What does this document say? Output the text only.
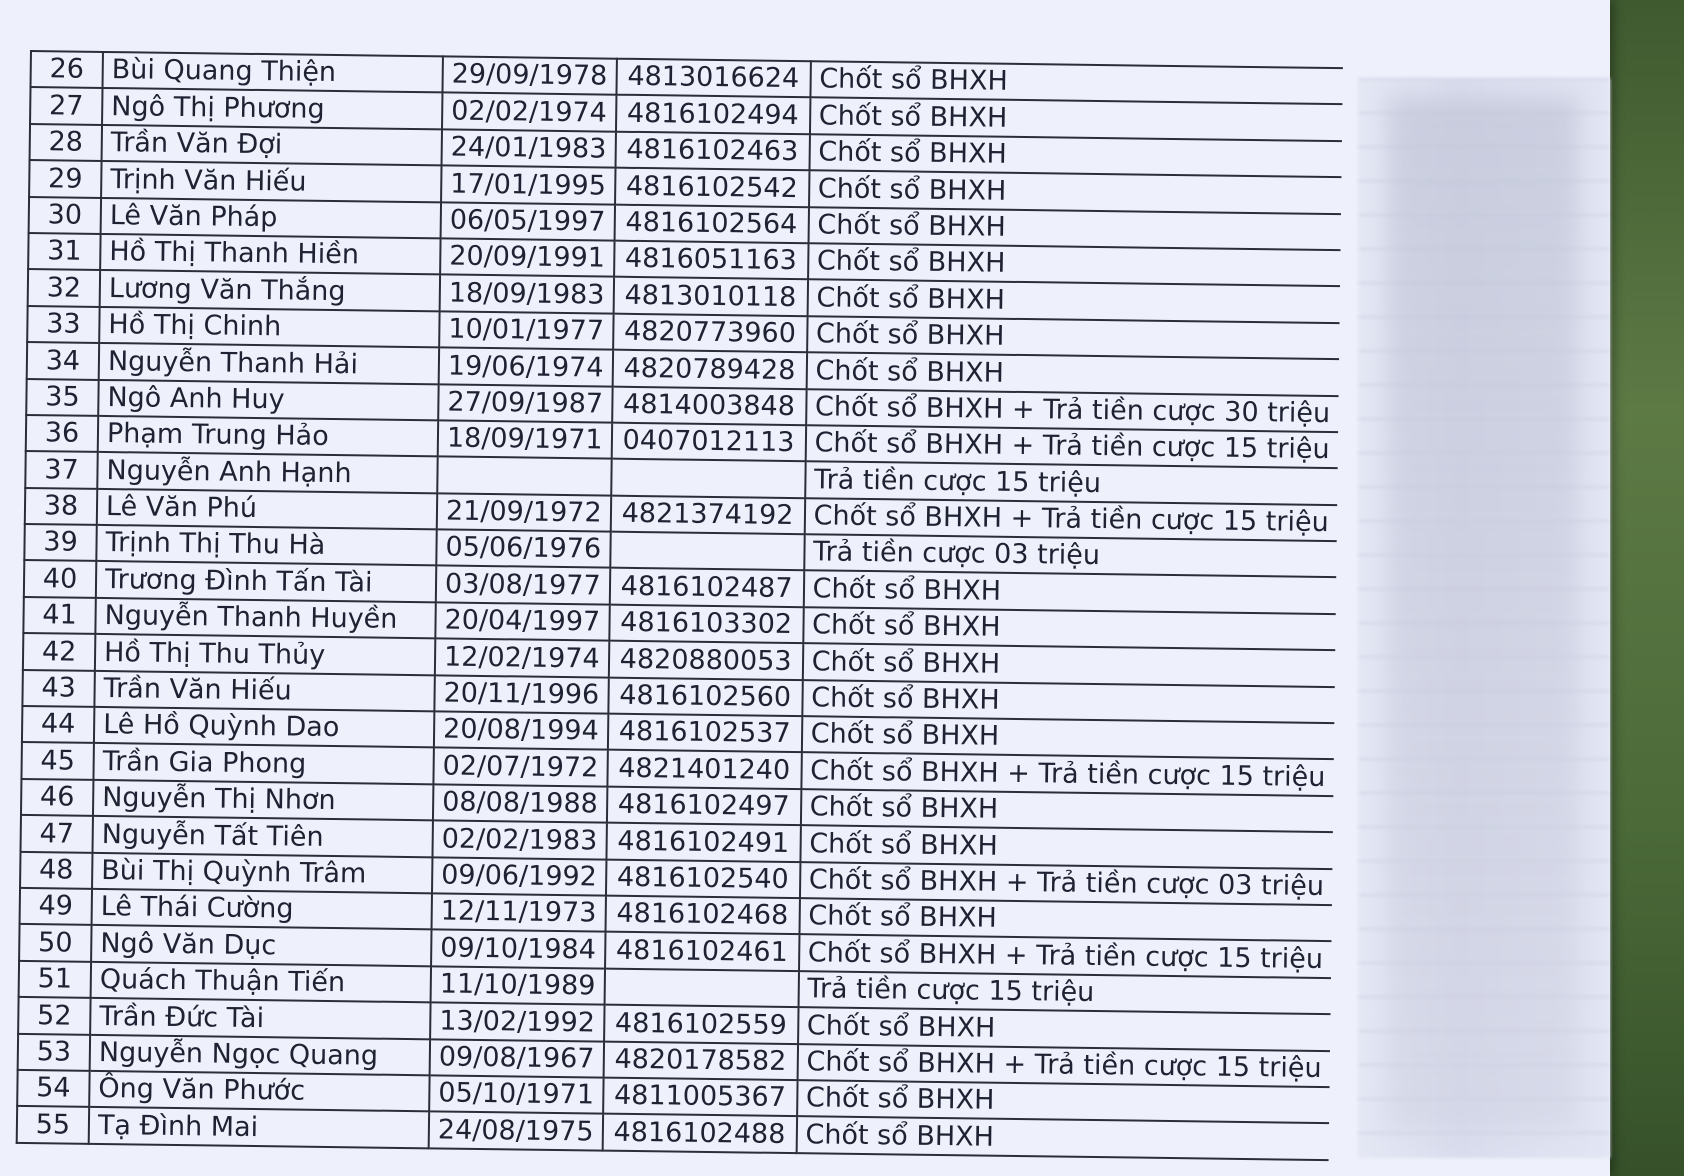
26	Bùi Quang Thiện	29/09/1978	4813016624	Chốt sổ BHXH
27	Ngô Thị Phương	02/02/1974	4816102494	Chốt sổ BHXH
28	Trần Văn Đợi	24/01/1983	4816102463	Chốt sổ BHXH
29	Trịnh Văn Hiếu	17/01/1995	4816102542	Chốt sổ BHXH
30	Lê Văn Pháp	06/05/1997	4816102564	Chốt sổ BHXH
31	Hồ Thị Thanh Hiền	20/09/1991	4816051163	Chốt sổ BHXH
32	Lương Văn Thắng	18/09/1983	4813010118	Chốt sổ BHXH
33	Hồ Thị Chinh	10/01/1977	4820773960	Chốt sổ BHXH
34	Nguyễn Thanh Hải	19/06/1974	4820789428	Chốt sổ BHXH
35	Ngô Anh Huy	27/09/1987	4814003848	Chốt sổ BHXH + Trả tiền cược 30 triệu
36	Phạm Trung Hảo	18/09/1971	0407012113	Chốt sổ BHXH + Trả tiền cược 15 triệu
37	Nguyễn Anh Hạnh			Trả tiền cược 15 triệu
38	Lê Văn Phú	21/09/1972	4821374192	Chốt sổ BHXH + Trả tiền cược 15 triệu
39	Trịnh Thị Thu Hà	05/06/1976		Trả tiền cược 03 triệu
40	Trương Đình Tấn Tài	03/08/1977	4816102487	Chốt sổ BHXH
41	Nguyễn Thanh Huyền	20/04/1997	4816103302	Chốt sổ BHXH
42	Hồ Thị Thu Thủy	12/02/1974	4820880053	Chốt sổ BHXH
43	Trần Văn Hiếu	20/11/1996	4816102560	Chốt sổ BHXH
44	Lê Hồ Quỳnh Dao	20/08/1994	4816102537	Chốt sổ BHXH
45	Trần Gia Phong	02/07/1972	4821401240	Chốt sổ BHXH + Trả tiền cược 15 triệu
46	Nguyễn Thị Nhơn	08/08/1988	4816102497	Chốt sổ BHXH
47	Nguyễn Tất Tiên	02/02/1983	4816102491	Chốt sổ BHXH
48	Bùi Thị Quỳnh Trâm	09/06/1992	4816102540	Chốt sổ BHXH + Trả tiền cược 03 triệu
49	Lê Thái Cường	12/11/1973	4816102468	Chốt sổ BHXH
50	Ngô Văn Dục	09/10/1984	4816102461	Chốt sổ BHXH + Trả tiền cược 15 triệu
51	Quách Thuận Tiến	11/10/1989		Trả tiền cược 15 triệu
52	Trần Đức Tài	13/02/1992	4816102559	Chốt sổ BHXH
53	Nguyễn Ngọc Quang	09/08/1967	4820178582	Chốt sổ BHXH + Trả tiền cược 15 triệu
54	Ông Văn Phước	05/10/1971	4811005367	Chốt sổ BHXH
55	Tạ Đình Mai	24/08/1975	4816102488	Chốt sổ BHXH
